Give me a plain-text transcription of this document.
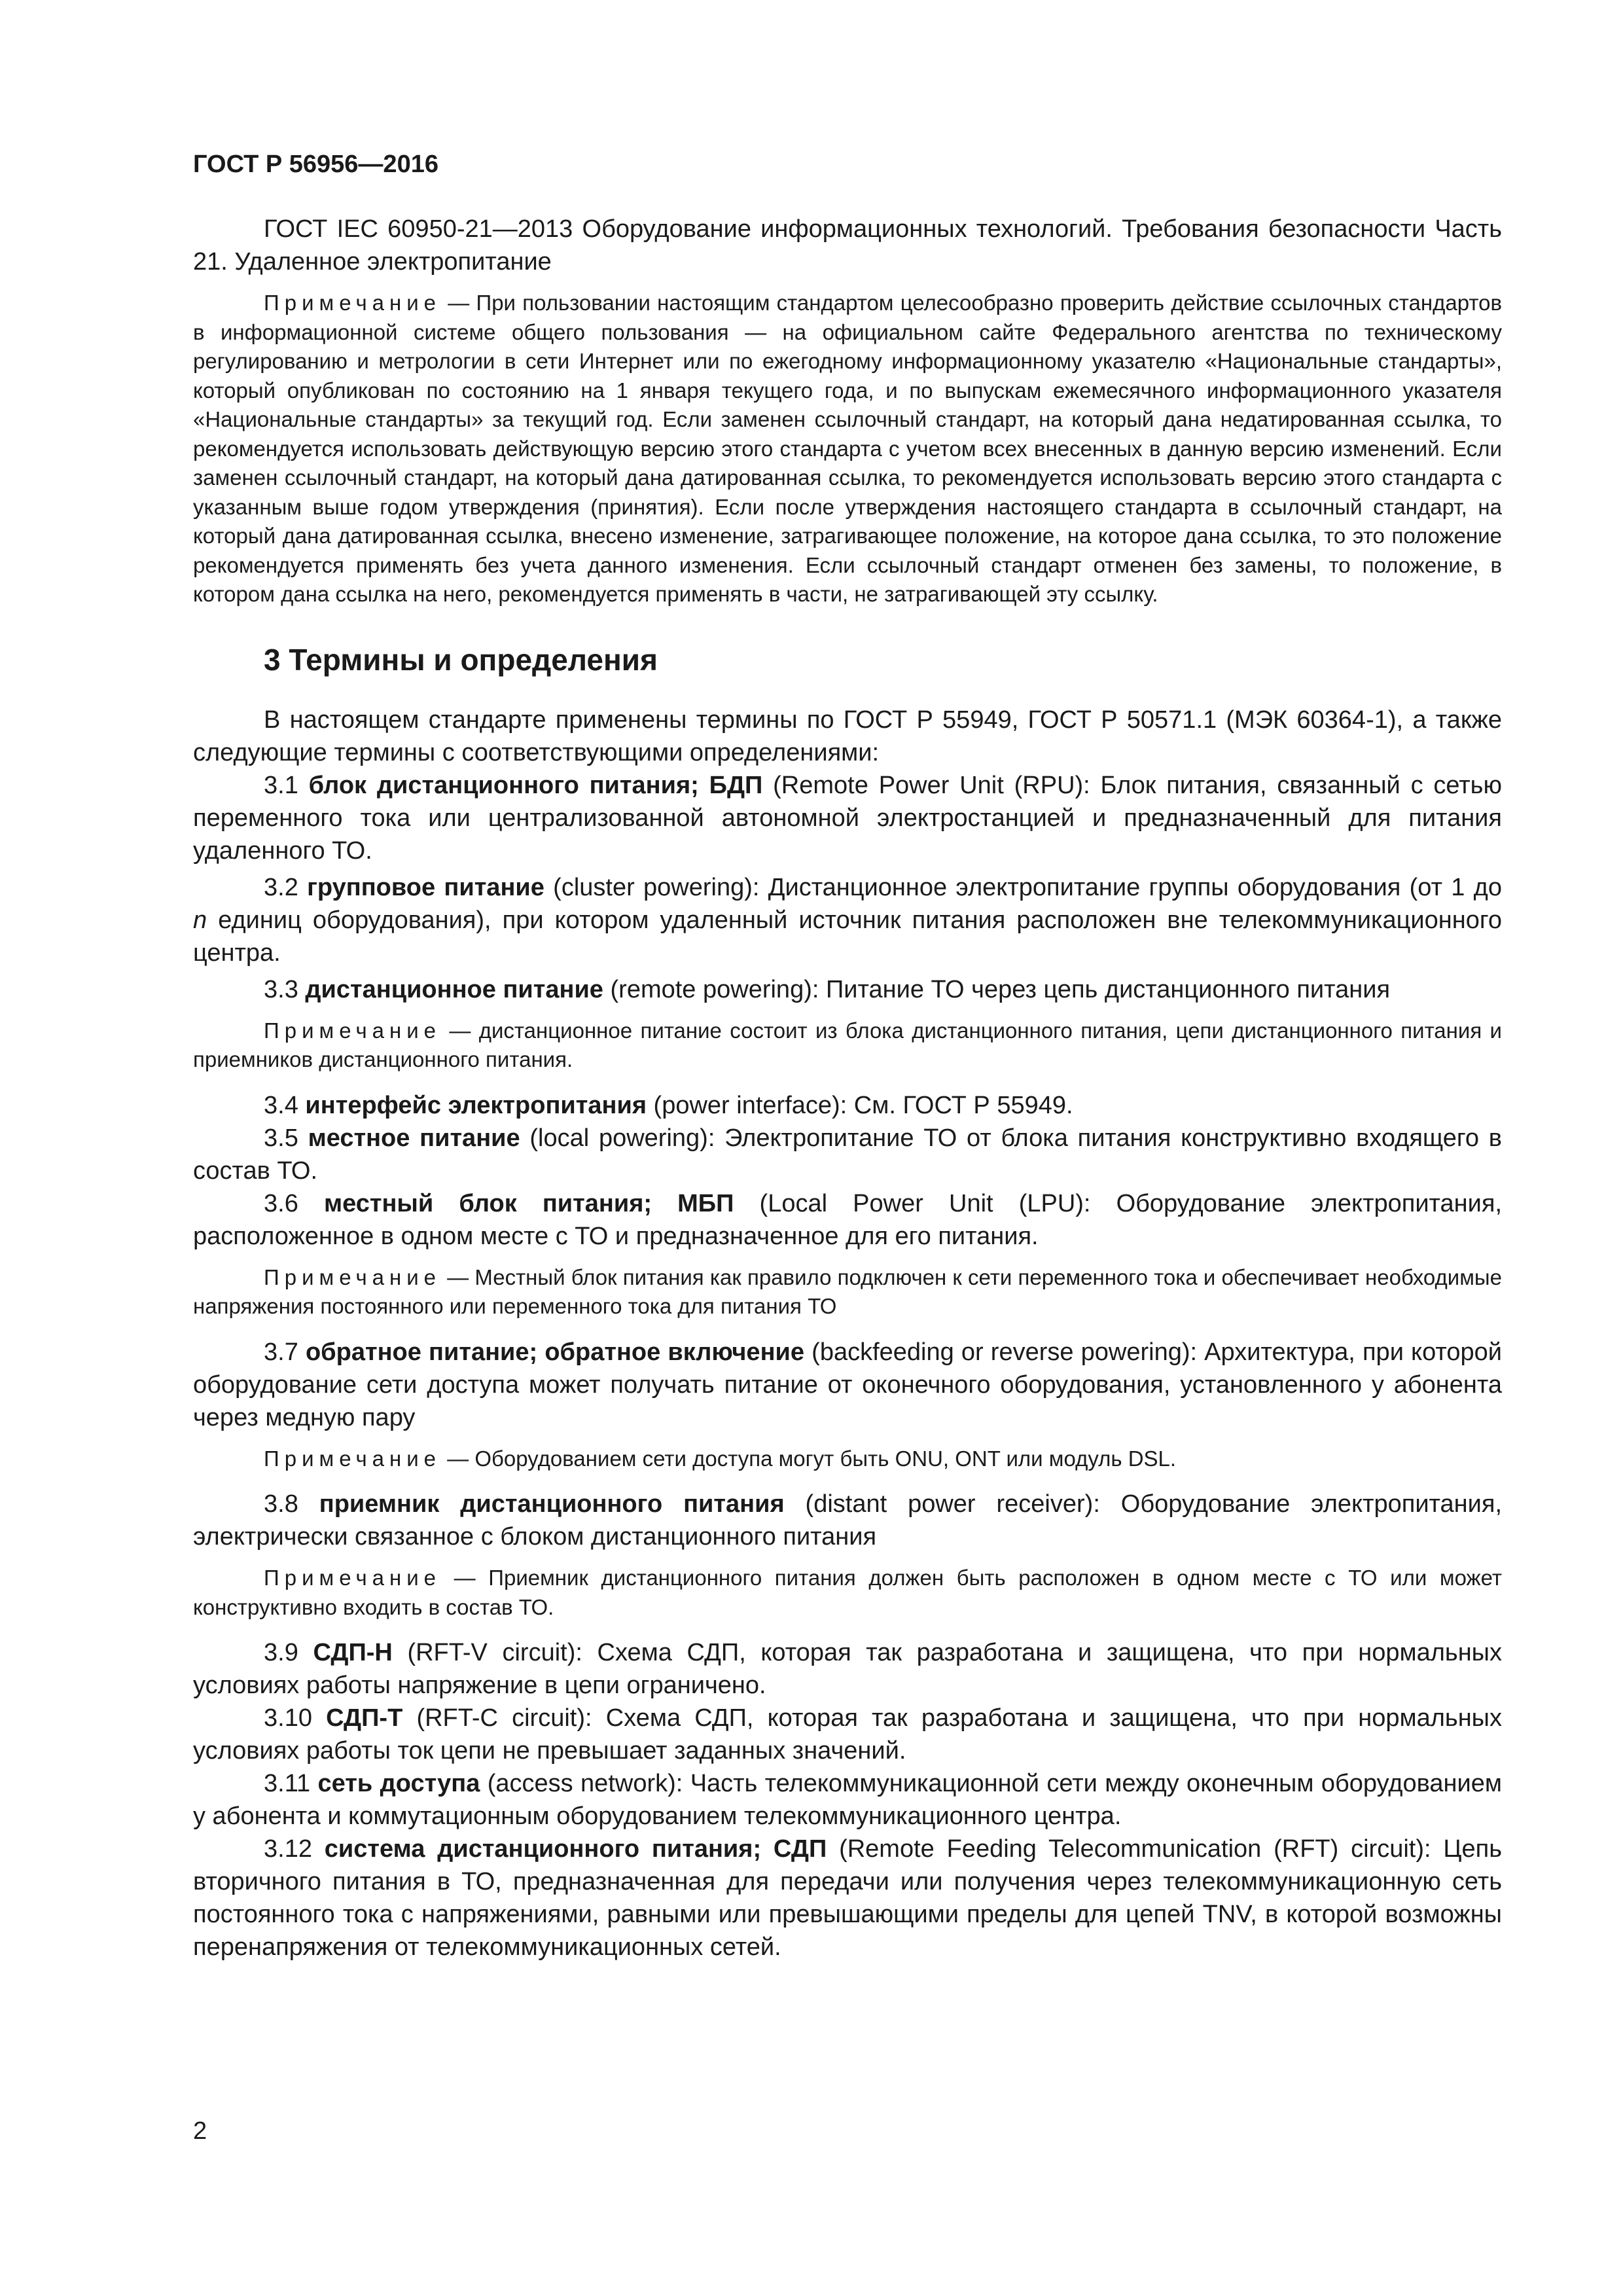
ГОСТ Р 56956—2016

ГОСТ IEC 60950-21—2013 Оборудование информационных технологий. Требования безопасности Часть 21. Удаленное электропитание

Примечание — При пользовании настоящим стандартом целесообразно проверить действие ссылочных стандартов в информационной системе общего пользования — на официальном сайте Федерального агентства по техническому регулированию и метрологии в сети Интернет или по ежегодному информационному указателю «Национальные стандарты», который опубликован по состоянию на 1 января текущего года, и по выпускам ежемесячного информационного указателя «Национальные стандарты» за текущий год. Если заменен ссылочный стандарт, на который дана недатированная ссылка, то рекомендуется использовать действующую версию этого стандарта с учетом всех внесенных в данную версию изменений. Если заменен ссылочный стандарт, на который дана датированная ссылка, то рекомендуется использовать версию этого стандарта с указанным выше годом утверждения (принятия). Если после утверждения настоящего стандарта в ссылочный стандарт, на который дана датированная ссылка, внесено изменение, затрагивающее положение, на которое дана ссылка, то это положение рекомендуется применять без учета данного изменения. Если ссылочный стандарт отменен без замены, то положение, в котором дана ссылка на него, рекомендуется применять в части, не затрагивающей эту ссылку.

3 Термины и определения

В настоящем стандарте применены термины по ГОСТ Р 55949, ГОСТ Р 50571.1 (МЭК 60364-1), а также следующие термины с соответствующими определениями:

3.1 блок дистанционного питания; БДП (Remote Power Unit (RPU): Блок питания, связанный с сетью переменного тока или централизованной автономной электростанцией и предназначенный для питания удаленного ТО.

3.2 групповое питание (cluster powering): Дистанционное электропитание группы оборудования (от 1 до n единиц оборудования), при котором удаленный источник питания расположен вне телекоммуникационного центра.

3.3 дистанционное питание (remote powering): Питание ТО через цепь дистанционного питания

Примечание — дистанционное питание состоит из блока дистанционного питания, цепи дистанционного питания и приемников дистанционного питания.

3.4 интерфейс электропитания (power interface): См. ГОСТ Р 55949.

3.5 местное питание (local powering): Электропитание ТО от блока питания конструктивно входящего в состав ТО.

3.6 местный блок питания; МБП (Local Power Unit (LPU): Оборудование электропитания, расположенное в одном месте с ТО и предназначенное для его питания.

Примечание — Местный блок питания как правило подключен к сети переменного тока и обеспечивает необходимые напряжения постоянного или переменного тока для питания ТО

3.7 обратное питание; обратное включение (backfeeding or reverse powering): Архитектура, при которой оборудование сети доступа может получать питание от оконечного оборудования, установленного у абонента через медную пару

Примечание — Оборудованием сети доступа могут быть ONU, ONT или модуль DSL.

3.8 приемник дистанционного питания (distant power receiver): Оборудование электропитания, электрически связанное с блоком дистанционного питания

Примечание — Приемник дистанционного питания должен быть расположен в одном месте с ТО или может конструктивно входить в состав ТО.

3.9 СДП-Н (RFT-V circuit): Схема СДП, которая так разработана и защищена, что при нормальных условиях работы напряжение в цепи ограничено.

3.10 СДП-Т (RFT-C circuit): Схема СДП, которая так разработана и защищена, что при нормальных условиях работы ток цепи не превышает заданных значений.

3.11 сеть доступа (access network): Часть телекоммуникационной сети между оконечным оборудованием у абонента и коммутационным оборудованием телекоммуникационного центра.

3.12 система дистанционного питания; СДП (Remote Feeding Telecommunication (RFT) circuit): Цепь вторичного питания в ТО, предназначенная для передачи или получения через телекоммуникационную сеть постоянного тока с напряжениями, равными или превышающими пределы для цепей TNV, в которой возможны перенапряжения от телекоммуникационных сетей.

2
